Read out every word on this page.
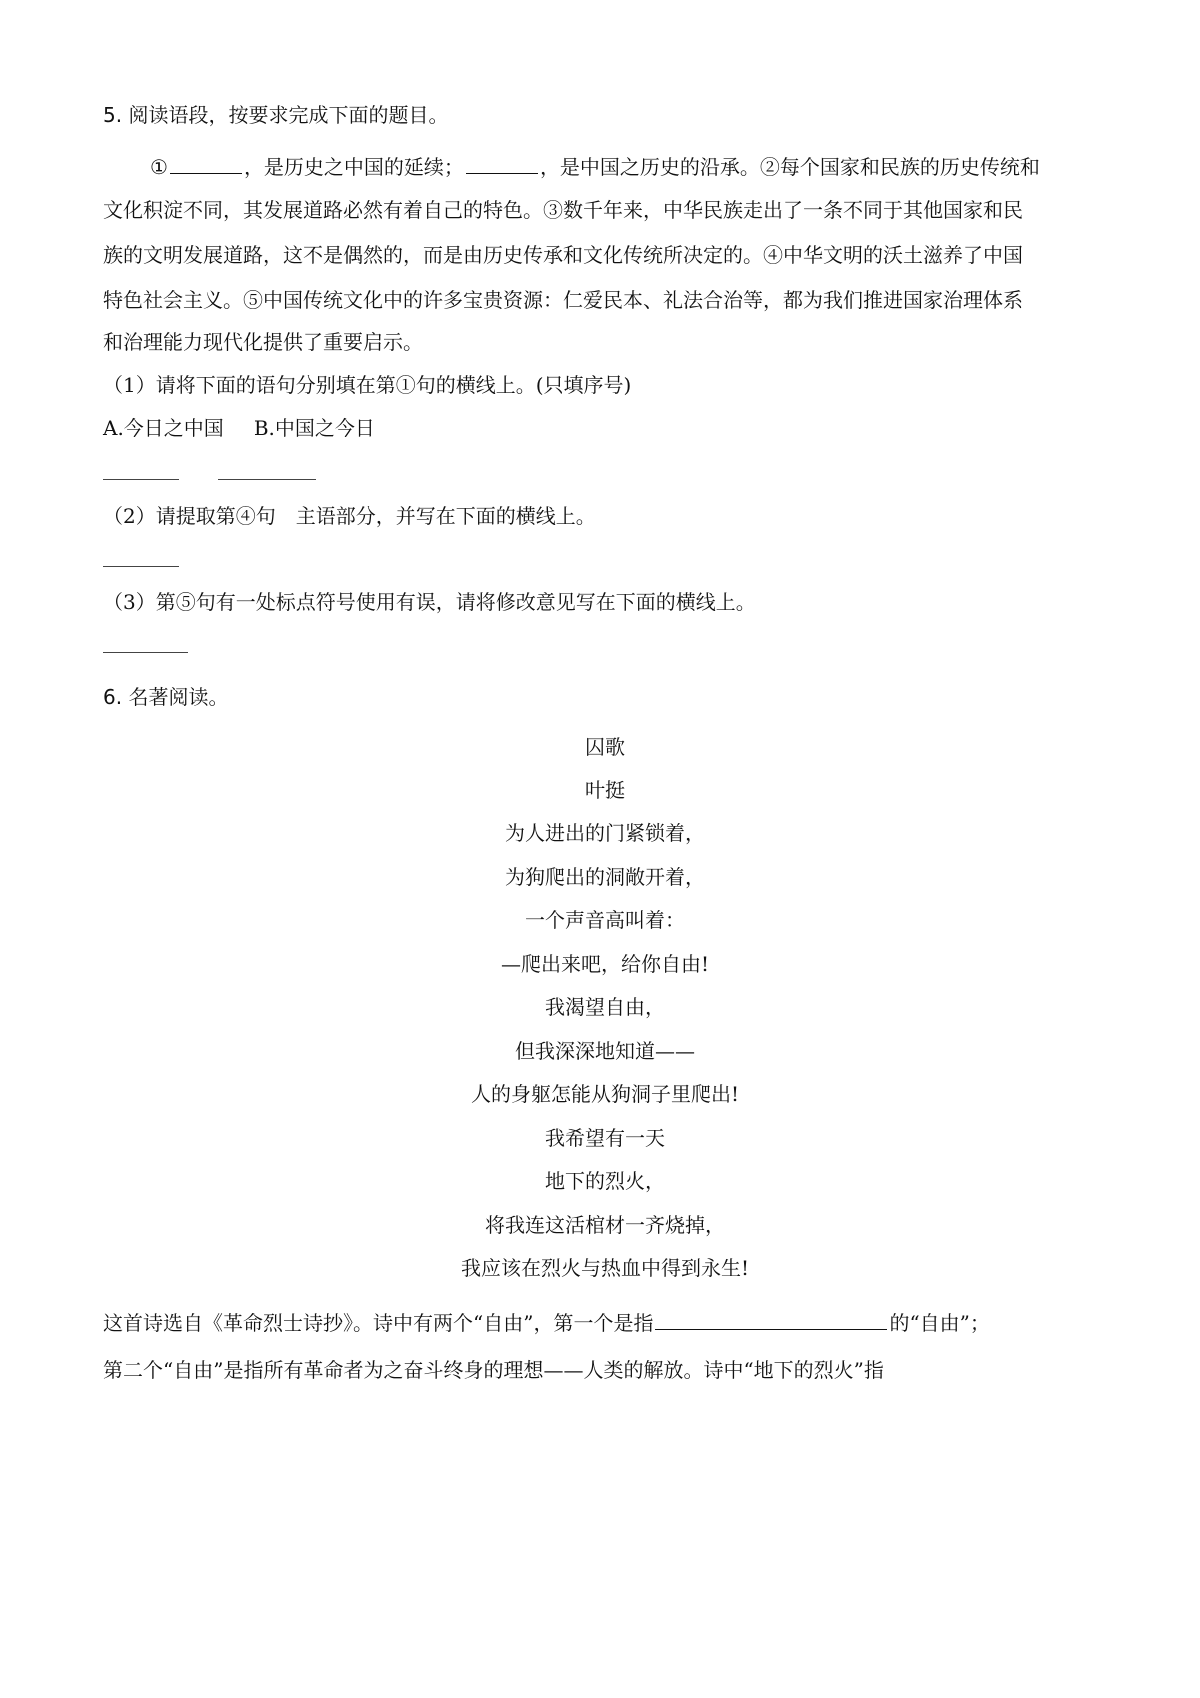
5. 阅读语段，按要求完成下面的题目。
①	，是历史之中国的延续；	，是中国之历史的沿承。②每个国家和民族的历史传统和
文化积淀不同，其发展道路必然有着自己的特色。③数千年来，中华民族走出了一条不同于其他国家和民
族的文明发展道路，这不是偶然的，而是由历史传承和文化传统所决定的。④中华文明的沃土滋养了中国
特色社会主义。⑤中国传统文化中的许多宝贵资源：仁爱民本、礼法合治等，都为我们推进国家治理体系
和治理能力现代化提供了重要启示。
（1）请将下面的语句分别填在第①句的横线上。(只填序号)
A.今日之中国 B.中国之今日
（2）请提取第④句　主语部分，并写在下面的横线上。
（3）第⑤句有一处标点符号使用有误，请将修改意见写在下面的横线上。
6. 名著阅读。
囚歌
叶挺
为人进出的门紧锁着，
为狗爬出的洞敞开着，
一个声音高叫着：
—爬出来吧，给你自由!
我渴望自由，
但我深深地知道——
人的身躯怎能从狗洞子里爬出!
我希望有一天
地下的烈火，
将我连这活棺材一齐烧掉，
我应该在烈火与热血中得到永生!
这首诗选自《革命烈士诗抄》。诗中有两个“自由”，第一个是指	的“自由”；
第二个“自由”是指所有革命者为之奋斗终身的理想——人类的解放。诗中“地下的烈火”指
